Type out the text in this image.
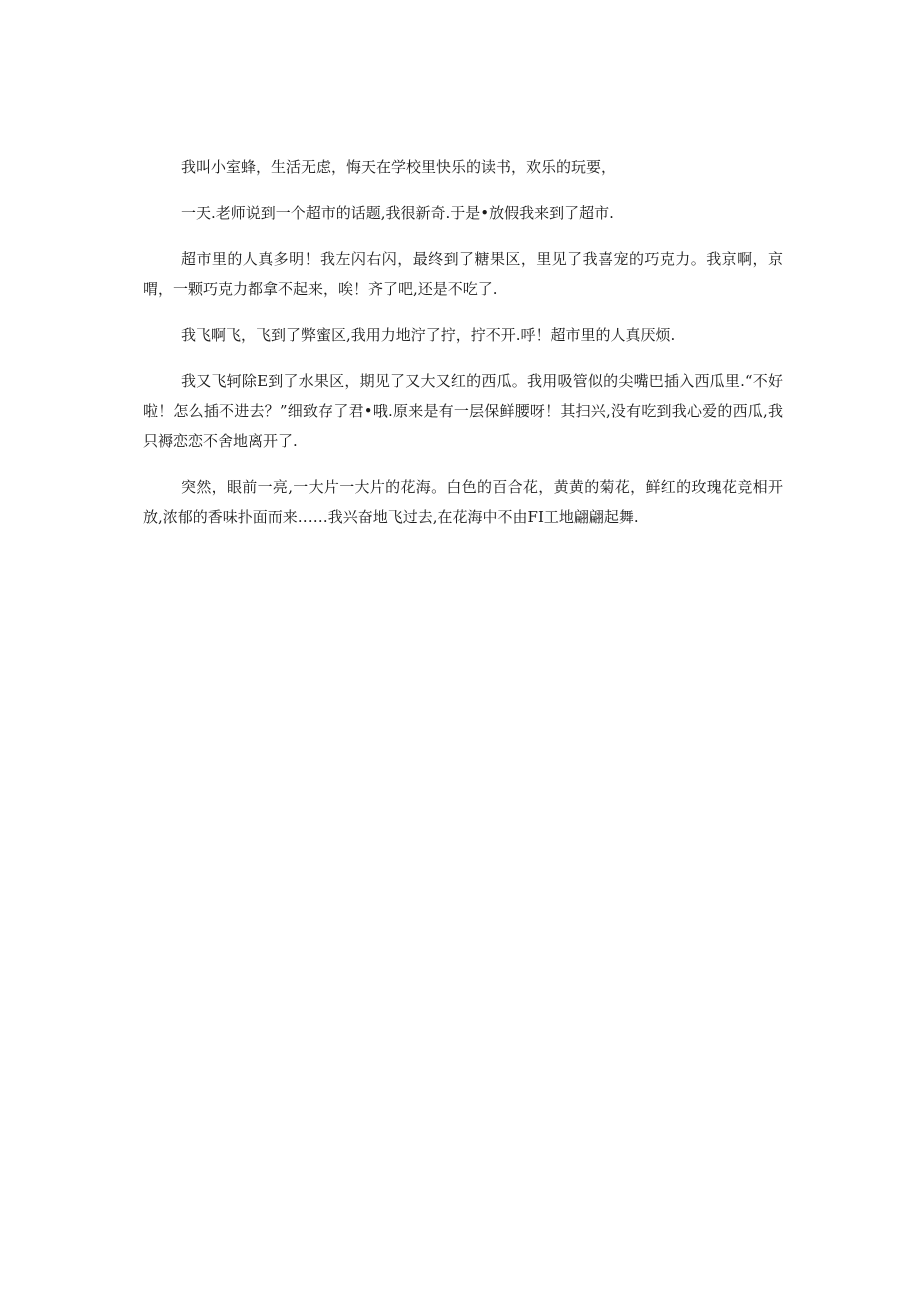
我叫小室蜂，生活无虑，悔天在学校里快乐的读书，欢乐的玩要，

一天.老师说到一个超市的话题,我很新奇.于是•放假我来到了超市.

超市里的人真多明！我左闪右闪，最终到了糖果区，里见了我喜宠的巧克力。我京啊，京喟，一颗巧克力都拿不起来，唉！齐了吧,还是不吃了.

我飞啊飞，飞到了弊蜜区,我用力地泞了拧，拧不开.呼！超市里的人真厌烦.

我又飞轲除E到了水果区，期见了又大又红的西瓜。我用吸管似的尖嘴巴插入西瓜里.“不好啦！怎么插不进去？”细致存了君•哦.原来是有一层保鲜腰呀！其扫兴,没有吃到我心爱的西瓜,我只褥恋恋不舍地离开了.

突然，眼前一亮,一大片一大片的花海。白色的百合花，黄黄的菊花，鲜红的玫瑰花竞相开放,浓郁的香味扑面而来……我兴奋地飞过去,在花海中不由FI工地翩翩起舞.
